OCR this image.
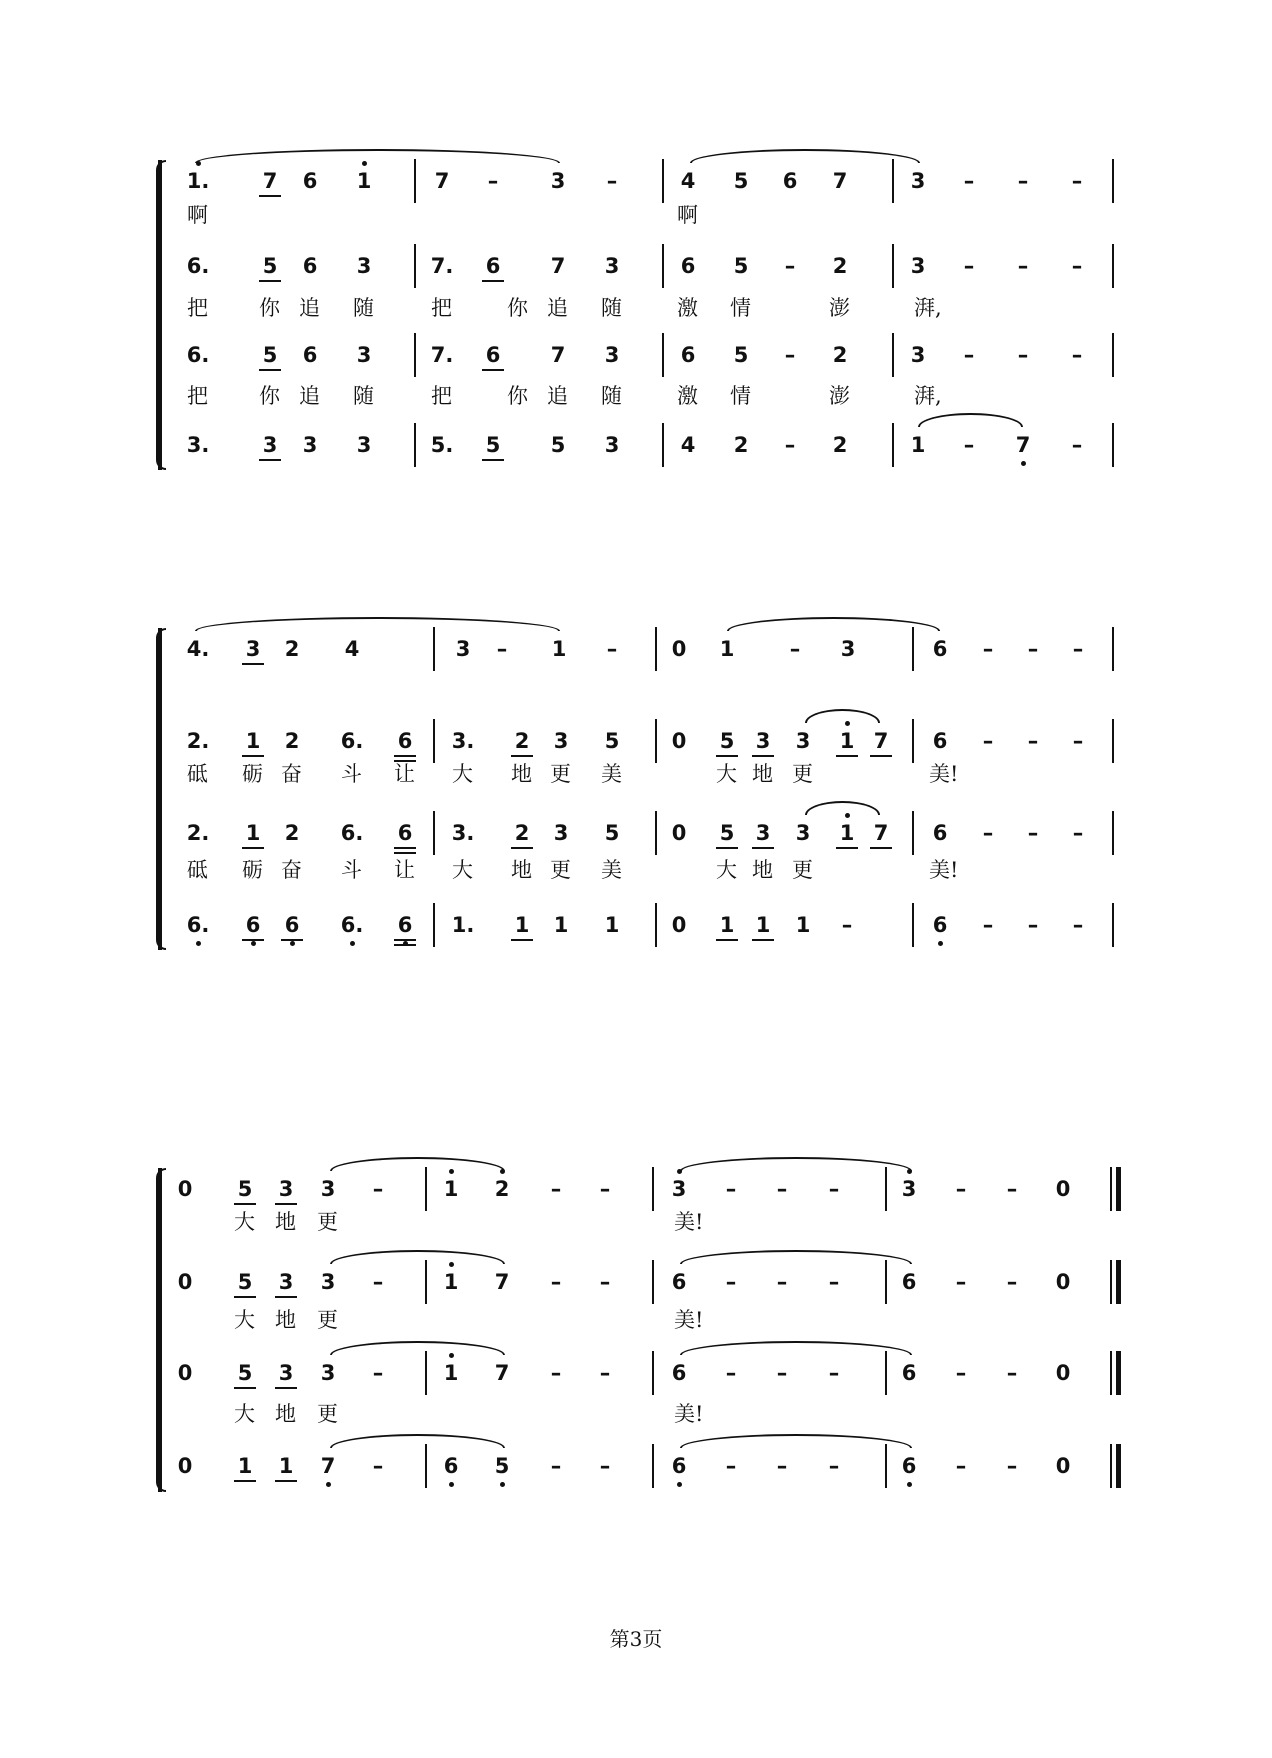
1.	7	6	1	7	–	3	–	4	5	6	7	3	–	–	–
啊	啊
6.	5	6	3	7.	6	7	3	6	5	–	2	3	–	–	–
把 你 追 随	把	你 追 随	激 情	澎	湃,
6.	5	6	3	7.	6	7	3	6	5	–	2	3	–	–	–
把 你 追 随	把	你 追 随	激 情	澎	湃,
3.	3	3	3	5.	5	5	3	4	2	–	2	1	–	7	–
4.	3	2	4	3	–	1	–	0	1	–	3	6	–	–	–
2.	1	2	6.	6	3.	2	3	5	0	5	3	3	1 7	6	–	–	–
砥 砺 奋 斗 让 大 地 更 美	大 地 更	美!
2.	1	2	6.	6	3.	2	3	5	0	5	3	3	1 7	6	–	–	–
砥 砺 奋 斗 让 大 地 更 美	大 地 更	美!
6.	6	6	6.	6	1.	1	1	1	0	1	1	1	–	6	–	–	–
0	5	3	3	–	1	2	–	–	3	–	–	–	3	–	–	0
大 地 更	美!
0	5	3	3	–	1	7	–	–	6	–	–	–	6	–	–	0
大 地 更	美!
0	5	3	3	–	1	7	–	–	6	–	–	–	6	–	–	0
大 地 更	美!
0	1	1	7	–	6	5	–	–	6	–	–	–	6	–	–	0
第3页
